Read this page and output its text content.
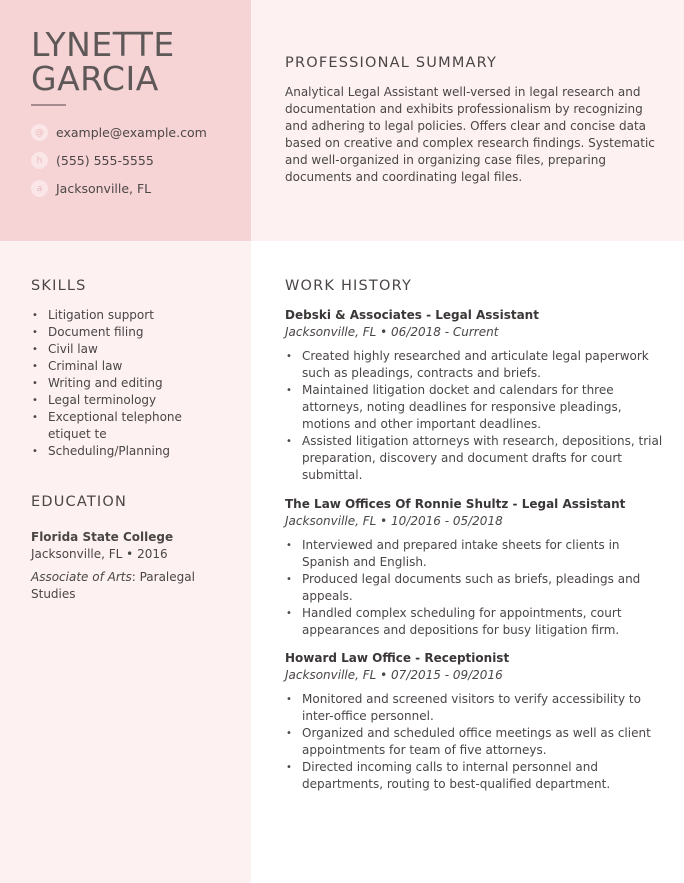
LYNETTE
GARCIA
@ example@example.com
h	(555) 555-5555
a	Jacksonville, FL
PROFESSIONAL SUMMARY

Analytical Legal Assistant well-versed in legal research and documentation and exhibits professionalism by recognizing and adhering to legal policies. Offers clear and concise data based on creative and complex research findings. Systematic and well-organized in organizing case files, preparing documents and coordinating legal files.

SKILLS
• Litigation support
• Document filing
• Civil law
• Criminal law
• Writing and editing
• Legal terminology
• Exceptional telephone etiquet te
• Scheduling/Planning
EDUCATION
Florida State College
Jacksonville, FL • 2016
Associate of Arts: Paralegal Studies
WORK HISTORY
Debski & Associates - Legal Assistant
Jacksonville, FL • 06/2018 - Current
• Created highly researched and articulate legal paperwork such as pleadings, contracts and briefs.
• Maintained litigation docket and calendars for three attorneys, noting deadlines for responsive pleadings, motions and other important deadlines.
• Assisted litigation attorneys with research, depositions, trial preparation, discovery and document drafts for court submittal.
The Law Offices Of Ronnie Shultz - Legal Assistant
Jacksonville, FL • 10/2016 - 05/2018
• Interviewed and prepared intake sheets for clients in Spanish and English.
• Produced legal documents such as briefs, pleadings and appeals.
• Handled complex scheduling for appointments, court appearances and depositions for busy litigation firm.
Howard Law Office - Receptionist
Jacksonville, FL • 07/2015 - 09/2016
• Monitored and screened visitors to verify accessibility to inter-office personnel.
• Organized and scheduled office meetings as well as client appointments for team of five attorneys.
• Directed incoming calls to internal personnel and departments, routing to best-qualified department.
